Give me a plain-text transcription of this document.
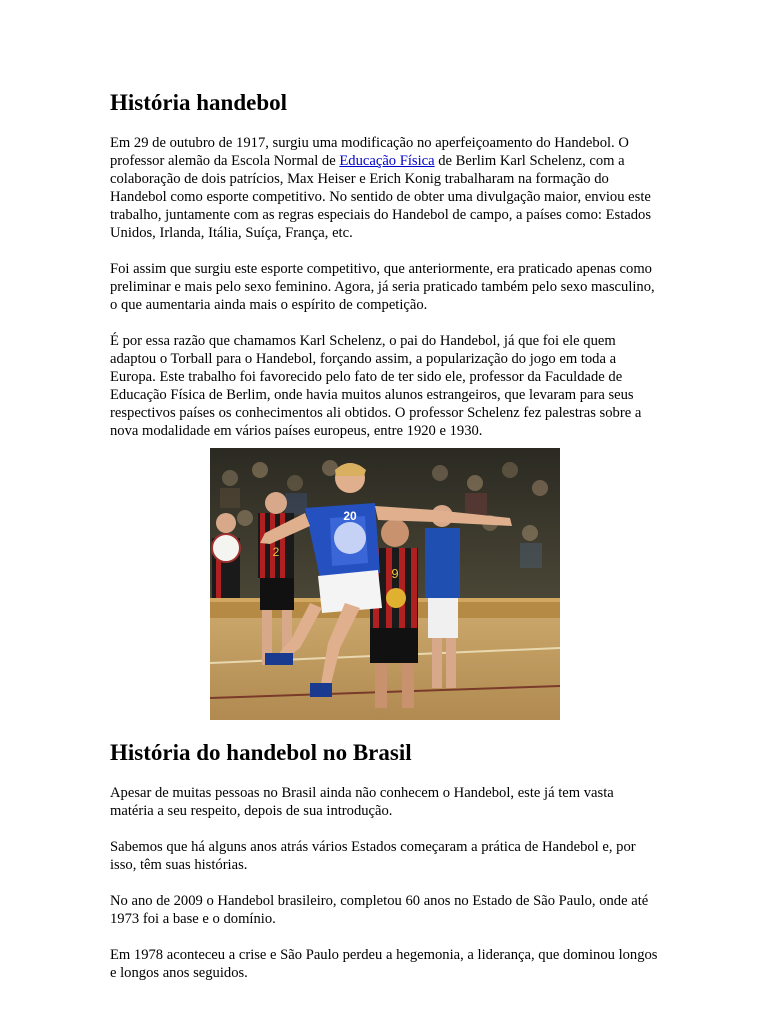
História handebol

Em 29 de outubro de 1917, surgiu uma modificação no aperfeiçoamento do Handebol. O professor alemão da Escola Normal de Educação Física de Berlim Karl Schelenz, com a colaboração de dois patrícios, Max Heiser e Erich Konig trabalharam na formação do Handebol como esporte competitivo. No sentido de obter uma divulgação maior, enviou este trabalho, juntamente com as regras especiais do Handebol de campo, a países como: Estados Unidos, Irlanda, Itália, Suíça, França, etc.

Foi assim que surgiu este esporte competitivo, que anteriormente, era praticado apenas como preliminar e mais pelo sexo feminino. Agora, já seria praticado também pelo sexo masculino, o que aumentaria ainda mais o espírito de competição.

É por essa razão que chamamos Karl Schelenz, o pai do Handebol, já que foi ele quem adaptou o Torball para o Handebol, forçando assim, a popularização do jogo em toda a Europa. Este trabalho foi favorecido pelo fato de ter sido ele, professor da Faculdade de Educação Física de Berlim, onde havia muitos alunos estrangeiros, que levaram para seus respectivos países os conhecimentos ali obtidos. O professor Schelenz fez palestras sobre a nova modalidade em vários países europeus, entre 1920 e 1930.

2
9
20
História do handebol no Brasil

Apesar de muitas pessoas no Brasil ainda não conhecem o Handebol, este já tem vasta matéria a seu respeito, depois de sua introdução.

Sabemos que há alguns anos atrás vários Estados começaram a prática de Handebol e, por isso, têm suas histórias.

No ano de 2009 o Handebol brasileiro, completou 60 anos no Estado de São Paulo, onde até 1973 foi a base e o domínio.

Em 1978 aconteceu a crise e São Paulo perdeu a hegemonia, a liderança, que dominou longos e longos anos seguidos.
